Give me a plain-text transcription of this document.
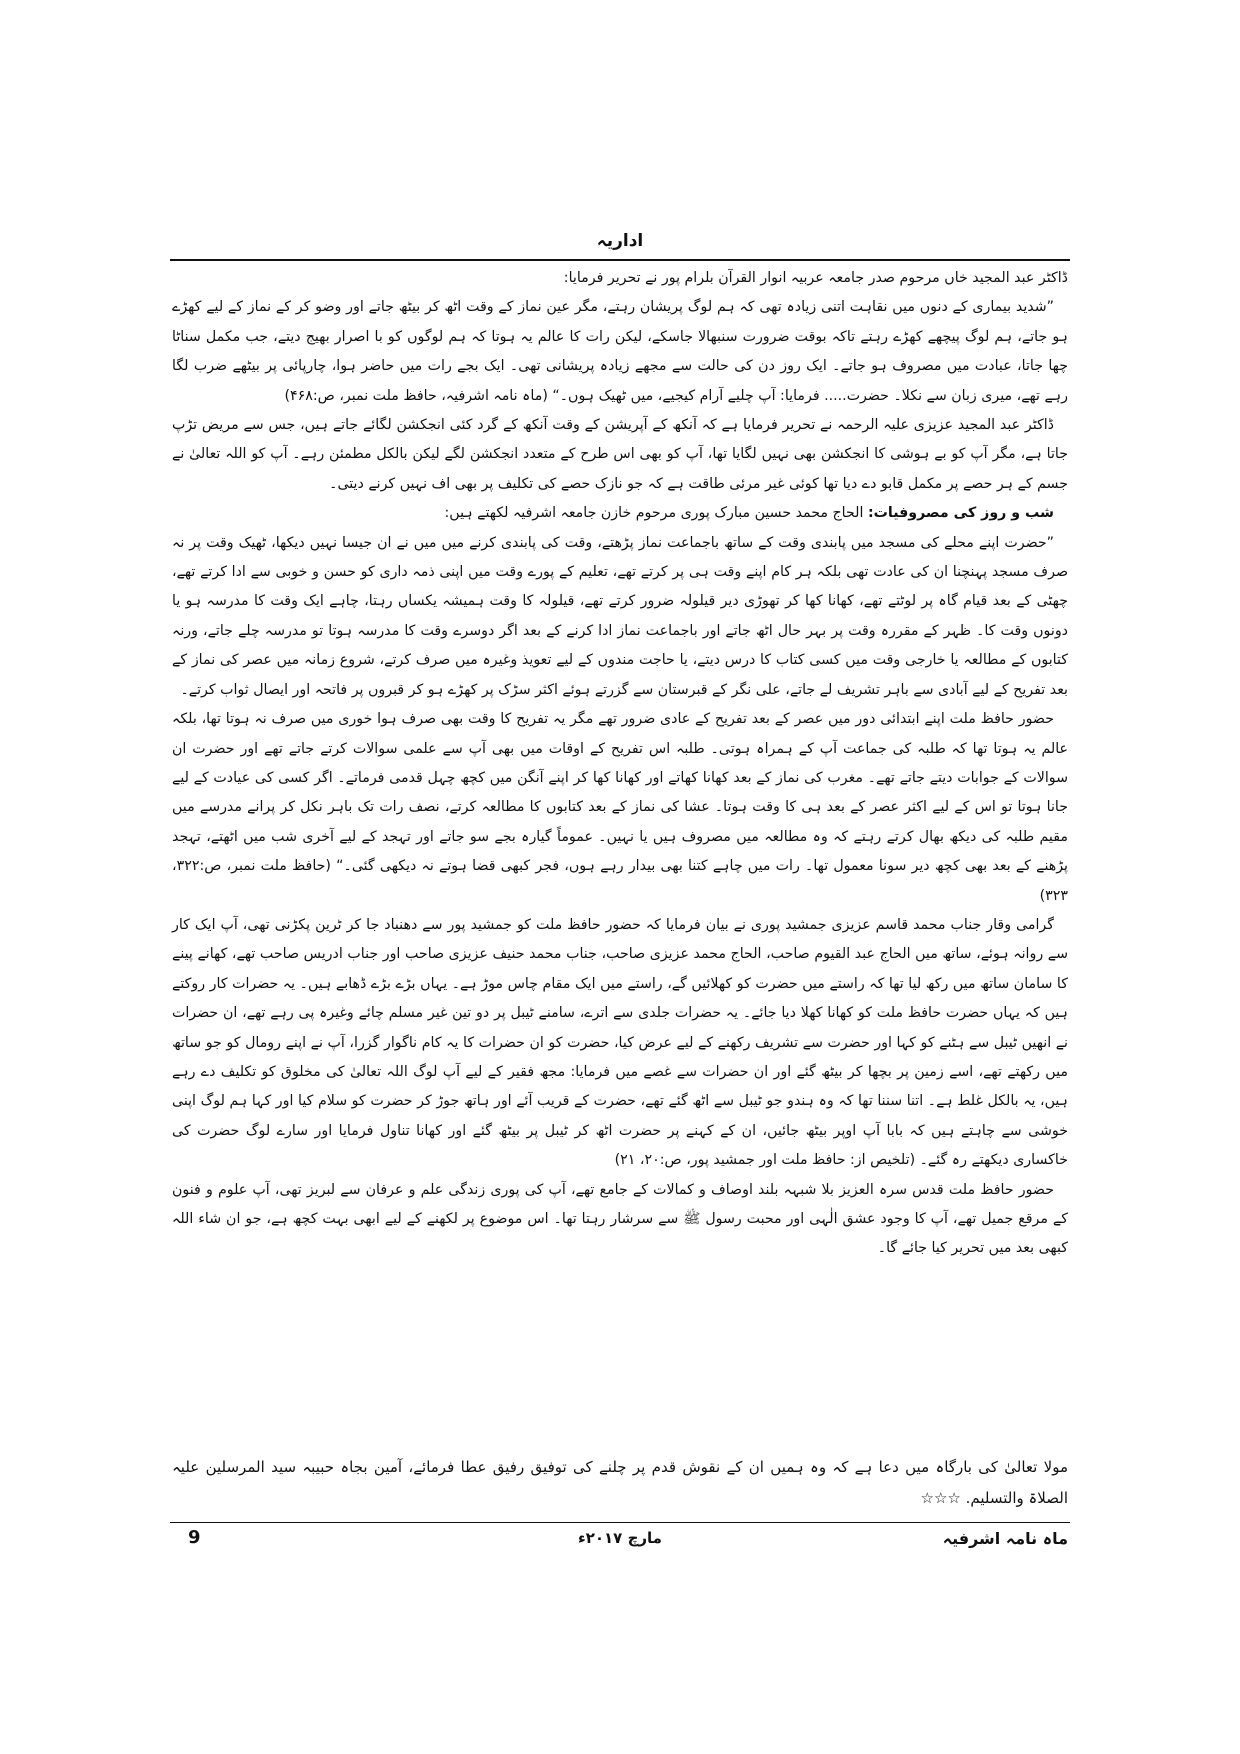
اداریہ

ڈاکٹر عبد المجید خاں مرحوم صدر جامعہ عربیہ انوار القرآن بلرام پور نے تحریر فرمایا:

”شدید بیماری کے دنوں میں نقاہت اتنی زیادہ تھی کہ ہم لوگ پریشان رہتے، مگر عین نماز کے وقت اٹھ کر بیٹھ جاتے اور وضو کر کے نماز کے لیے کھڑے ہو جاتے، ہم لوگ پیچھے کھڑے رہتے تاکہ بوقت ضرورت سنبھالا جاسکے، لیکن رات کا عالم یہ ہوتا کہ ہم لوگوں کو با اصرار بھیج دیتے، جب مکمل سناٹا چھا جاتا، عبادت میں مصروف ہو جاتے۔ ایک روز دن کی حالت سے مجھے زیادہ پریشانی تھی۔ ایک بجے رات میں حاضر ہوا، چارپائی پر بیٹھے ضرب لگا رہے تھے، میری زبان سے نکلا۔ حضرت..... فرمایا: آپ چلیے آرام کیجیے، میں ٹھیک ہوں۔“ (ماہ نامہ اشرفیہ، حافظ ملت نمبر، ص:۴۶۸)

ڈاکٹر عبد المجید عزیزی علیہ الرحمہ نے تحریر فرمایا ہے کہ آنکھ کے آپریشن کے وقت آنکھ کے گرد کئی انجکشن لگائے جاتے ہیں، جس سے مریض تڑپ جاتا ہے، مگر آپ کو بے ہوشی کا انجکشن بھی نہیں لگایا تھا، آپ کو بھی اس طرح کے متعدد انجکشن لگے لیکن بالکل مطمئن رہے۔ آپ کو اللہ تعالیٰ نے جسم کے ہر حصے پر مکمل قابو دے دیا تھا کوئی غیر مرئی طاقت ہے کہ جو نازک حصے کی تکلیف پر بھی اف نہیں کرنے دیتی۔

شب و روز کی مصروفیات: الحاج محمد حسین مبارک پوری مرحوم خازن جامعہ اشرفیہ لکھتے ہیں:

”حضرت اپنے محلے کی مسجد میں پابندی وقت کے ساتھ باجماعت نماز پڑھتے، وقت کی پابندی کرنے میں میں نے ان جیسا نہیں دیکھا، ٹھیک وقت پر نہ صرف مسجد پہنچنا ان کی عادت تھی بلکہ ہر کام اپنے وقت ہی پر کرتے تھے، تعلیم کے پورے وقت میں اپنی ذمہ داری کو حسن و خوبی سے ادا کرتے تھے، چھٹی کے بعد قیام گاہ پر لوٹتے تھے، کھانا کھا کر تھوڑی دیر قیلولہ ضرور کرتے تھے، قیلولہ کا وقت ہمیشہ یکساں رہتا، چاہے ایک وقت کا مدرسہ ہو یا دونوں وقت کا۔ ظہر کے مقررہ وقت پر بہر حال اٹھ جاتے اور باجماعت نماز ادا کرنے کے بعد اگر دوسرے وقت کا مدرسہ ہوتا تو مدرسہ چلے جاتے، ورنہ کتابوں کے مطالعہ یا خارجی وقت میں کسی کتاب کا درس دیتے، یا حاجت مندوں کے لیے تعویذ وغیرہ میں صرف کرتے، شروع زمانہ میں عصر کی نماز کے بعد تفریح کے لیے آبادی سے باہر تشریف لے جاتے، علی نگر کے قبرستان سے گزرتے ہوئے اکثر سڑک پر کھڑے ہو کر قبروں پر فاتحہ اور ایصال ثواب کرتے۔

حضور حافظ ملت اپنے ابتدائی دور میں عصر کے بعد تفریح کے عادی ضرور تھے مگر یہ تفریح کا وقت بھی صرف ہوا خوری میں صرف نہ ہوتا تھا، بلکہ عالم یہ ہوتا تھا کہ طلبہ کی جماعت آپ کے ہمراہ ہوتی۔ طلبہ اس تفریح کے اوقات میں بھی آپ سے علمی سوالات کرتے جاتے تھے اور حضرت ان سوالات کے جوابات دیتے جاتے تھے۔ مغرب کی نماز کے بعد کھانا کھاتے اور کھانا کھا کر اپنے آنگن میں کچھ چہل قدمی فرماتے۔ اگر کسی کی عیادت کے لیے جانا ہوتا تو اس کے لیے اکثر عصر کے بعد ہی کا وقت ہوتا۔ عشا کی نماز کے بعد کتابوں کا مطالعہ کرتے، نصف رات تک باہر نکل کر پرانے مدرسے میں مقیم طلبہ کی دیکھ بھال کرتے رہتے کہ وہ مطالعہ میں مصروف ہیں یا نہیں۔ عموماً گیارہ بجے سو جاتے اور تہجد کے لیے آخری شب میں اٹھتے، تہجد پڑھنے کے بعد بھی کچھ دیر سونا معمول تھا۔ رات میں چاہے کتنا بھی بیدار رہے ہوں، فجر کبھی قضا ہوتے نہ دیکھی گئی۔“ (حافظ ملت نمبر، ص:۳۲۲، ۳۲۳)

گرامی وقار جناب محمد قاسم عزیزی جمشید پوری نے بیان فرمایا کہ حضور حافظ ملت کو جمشید پور سے دھنباد جا کر ٹرین پکڑنی تھی، آپ ایک کار سے روانہ ہوئے، ساتھ میں الحاج عبد القیوم صاحب، الحاج محمد عزیزی صاحب، جناب محمد حنیف عزیزی صاحب اور جناب ادریس صاحب تھے، کھانے پینے کا سامان ساتھ میں رکھ لیا تھا کہ راستے میں حضرت کو کھلائیں گے، راستے میں ایک مقام چاس موڑ ہے۔ یہاں بڑے بڑے ڈھابے ہیں۔ یہ حضرات کار روکتے ہیں کہ یہاں حضرت حافظ ملت کو کھانا کھلا دیا جائے۔ یہ حضرات جلدی سے اترے، سامنے ٹیبل پر دو تین غیر مسلم چائے وغیرہ پی رہے تھے، ان حضرات نے انھیں ٹیبل سے ہٹنے کو کہا اور حضرت سے تشریف رکھنے کے لیے عرض کیا، حضرت کو ان حضرات کا یہ کام ناگوار گزرا، آپ نے اپنے رومال کو جو ساتھ میں رکھتے تھے، اسے زمین پر بچھا کر بیٹھ گئے اور ان حضرات سے غصے میں فرمایا: مجھ فقیر کے لیے آپ لوگ اللہ تعالیٰ کی مخلوق کو تکلیف دے رہے ہیں، یہ بالکل غلط ہے۔ اتنا سننا تھا کہ وہ ہندو جو ٹیبل سے اٹھ گئے تھے، حضرت کے قریب آئے اور ہاتھ جوڑ کر حضرت کو سلام کیا اور کہا ہم لوگ اپنی خوشی سے چاہتے ہیں کہ بابا آپ اوپر بیٹھ جائیں، ان کے کہنے پر حضرت اٹھ کر ٹیبل پر بیٹھ گئے اور کھانا تناول فرمایا اور سارے لوگ حضرت کی خاکساری دیکھتے رہ گئے۔ (تلخیص از: حافظ ملت اور جمشید پور، ص:۲۰، ۲۱)

حضور حافظ ملت قدس سرہ العزیز بلا شبہہ بلند اوصاف و کمالات کے جامع تھے، آپ کی پوری زندگی علم و عرفان سے لبریز تھی، آپ علوم و فنون کے مرقع جمیل تھے، آپ کا وجود عشق الٰہی اور محبت رسول ﷺ سے سرشار رہتا تھا۔ اس موضوع پر لکھنے کے لیے ابھی بہت کچھ ہے، جو ان شاء اللہ کبھی بعد میں تحریر کیا جائے گا۔

مولا تعالیٰ کی بارگاہ میں دعا ہے کہ وہ ہمیں ان کے نقوش قدم پر چلنے کی توفیق رفیق عطا فرمائے، آمین بجاہ حبیبہ سید المرسلین علیہ الصلاۃ والتسلیم. ☆☆☆

9	مارچ ۲۰۱۷ء	ماہ نامہ اشرفیہ
